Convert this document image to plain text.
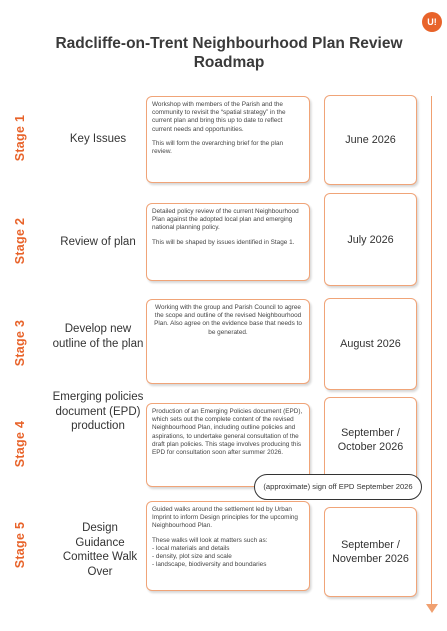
U!
Radcliffe-on-Trent Neighbourhood Plan Review
Roadmap
Stage 1	Key Issues

Workshop with members of the Parish and the community to revisit the “spatial strategy” in the current plan and bring this up to date to reflect current needs and opportunities.

This will form the overarching brief for the plan review.

June 2026
Stage 2	Review of plan

Detailed policy review of the current Neighbourhood Plan against the adopted local plan and emerging national planning policy.

This will be shaped by issues identified in Stage 1.	July 2026
Stage 3	Develop new outline of the plan

Working with the group and Parish Council to agree the scope and outline of the revised Neighbourhood Plan. Also agree on the evidence base that needs to be generated.

August 2026
Stage 4
Emerging policies document (EPD) production

Production of an Emerging Policies document (EPD), which sets out the complete content of the revised Neighbourhood Plan, including outline policies and aspirations, to undertake general consultation of the draft plan policies. This stage involves producing this EPD for consultation soon after summer 2026.

September / October 2026
(approximate) sign off EPD September 2026
Stage 5	Design Guidance Comittee Walk Over

Guided walks around the settlement led by Urban Imprint to inform Design principles for the upcoming Neighbourhood Plan.

These walks will look at matters such as:
- local materials and details
- density, plot size and scale
- landscape, biodiversity and boundaries

September / November 2026
